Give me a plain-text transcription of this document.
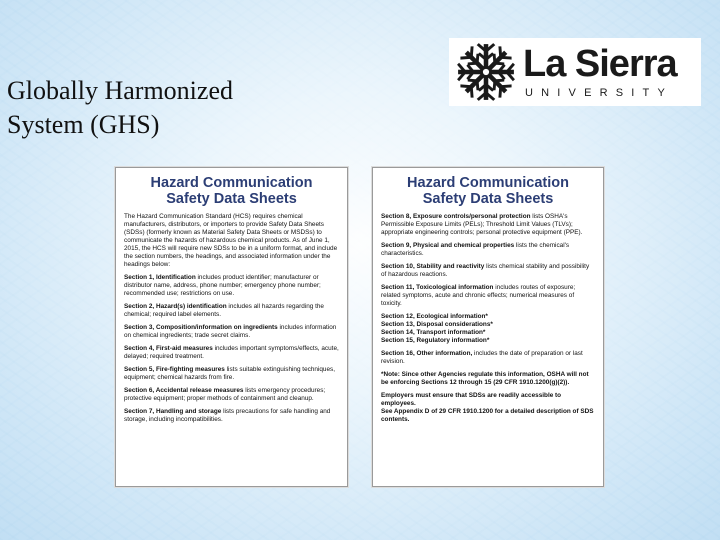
Globally Harmonized
System (GHS)
La Sierra
UNIVERSITY
Hazard Communication
Safety Data Sheets

The Hazard Communication Standard (HCS) requires chemical manufacturers, distributors, or importers to provide Safety Data Sheets (SDSs) (formerly known as Material Safety Data Sheets or MSDSs) to communicate the hazards of hazardous chemical products. As of June 1, 2015, the HCS will require new SDSs to be in a uniform format, and include the section numbers, the headings, and associated information under the headings below:

Section 1, Identification includes product identifier; manufacturer or distributor name, address, phone number; emergency phone number; recommended use; restrictions on use.

Section 2, Hazard(s) identification includes all hazards regarding the chemical; required label elements.

Section 3, Composition/information on ingredients includes information on chemical ingredients; trade secret claims.

Section 4, First-aid measures includes important symptoms/effects, acute, delayed; required treatment.

Section 5, Fire-fighting measures lists suitable extinguishing techniques, equipment; chemical hazards from fire.

Section 6, Accidental release measures lists emergency procedures; protective equipment; proper methods of containment and cleanup.

Section 7, Handling and storage lists precautions for safe handling and storage, including incompatibilities.

Hazard Communication
Safety Data Sheets

Section 8, Exposure controls/personal protection lists OSHA's Permissible Exposure Limits (PELs); Threshold Limit Values (TLVs); appropriate engineering controls; personal protective equipment (PPE).

Section 9, Physical and chemical properties lists the chemical's characteristics.

Section 10, Stability and reactivity lists chemical stability and possibility of hazardous reactions.

Section 11, Toxicological information includes routes of exposure; related symptoms, acute and chronic effects; numerical measures of toxicity.

Section 12, Ecological information*
Section 13, Disposal considerations*
Section 14, Transport information*
Section 15, Regulatory information*

Section 16, Other information, includes the date of preparation or last revision.

*Note: Since other Agencies regulate this information, OSHA will not be enforcing Sections 12 through 15 (29 CFR 1910.1200(g)(2)).

Employers must ensure that SDSs are readily accessible to employees.
See Appendix D of 29 CFR 1910.1200 for a detailed description of SDS contents.
